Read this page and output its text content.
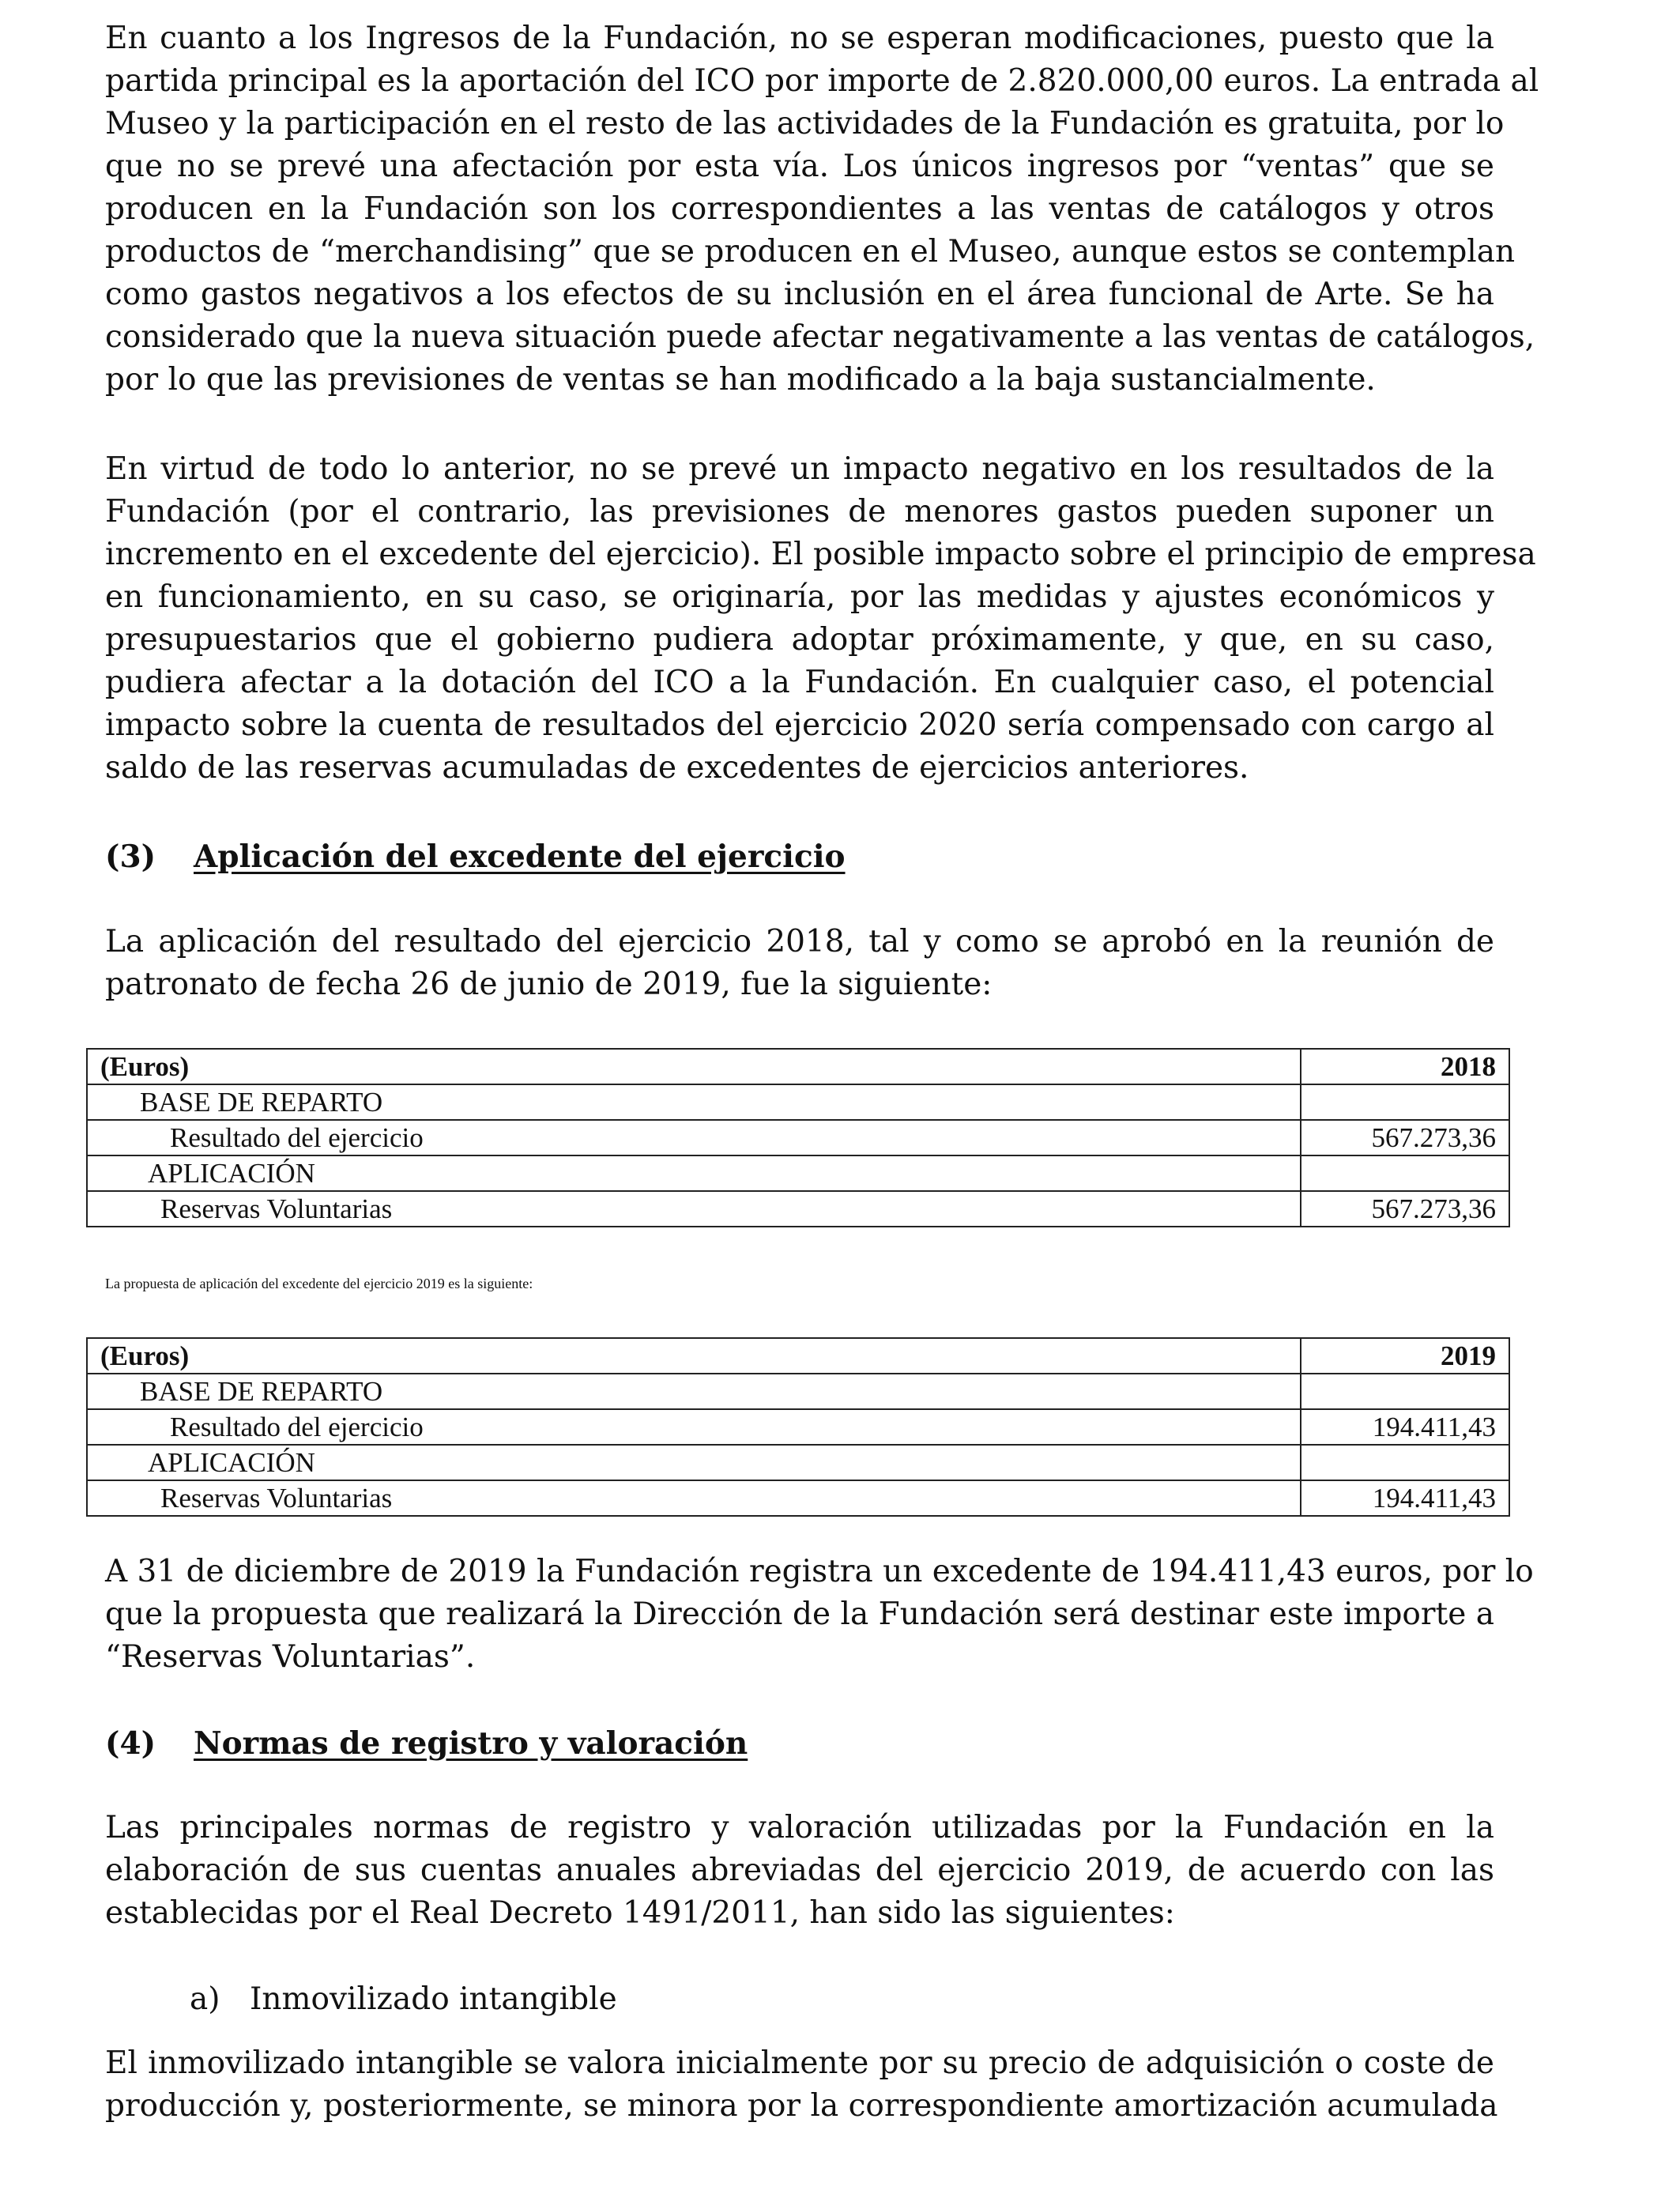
En cuanto a los Ingresos de la Fundación, no se esperan modificaciones, puesto que la
partida principal es la aportación del ICO por importe de 2.820.000,00 euros. La entrada al
Museo y la participación en el resto de las actividades de la Fundación es gratuita, por lo
que no se prevé una afectación por esta vía. Los únicos ingresos por “ventas” que se
producen en la Fundación son los correspondientes a las ventas de catálogos y otros
productos de “merchandising” que se producen en el Museo, aunque estos se contemplan
como gastos negativos a los efectos de su inclusión en el área funcional de Arte. Se ha
considerado que la nueva situación puede afectar negativamente a las ventas de catálogos,
por lo que las previsiones de ventas se han modificado a la baja sustancialmente.
En virtud de todo lo anterior, no se prevé un impacto negativo en los resultados de la
Fundación (por el contrario, las previsiones de menores gastos pueden suponer un
incremento en el excedente del ejercicio). El posible impacto sobre el principio de empresa
en funcionamiento, en su caso, se originaría, por las medidas y ajustes económicos y
presupuestarios que el gobierno pudiera adoptar próximamente, y que, en su caso,
pudiera afectar a la dotación del ICO a la Fundación. En cualquier caso, el potencial
impacto sobre la cuenta de resultados del ejercicio 2020 sería compensado con cargo al
saldo de las reservas acumuladas de excedentes de ejercicios anteriores.
(3) Aplicación del excedente del ejercicio
La aplicación del resultado del ejercicio 2018, tal y como se aprobó en la reunión de
patronato de fecha 26 de junio de 2019, fue la siguiente:
(Euros)	2018
BASE DE REPARTO	
Resultado del ejercicio	567.273,36
APLICACIÓN	
Reservas Voluntarias	567.273,36
La propuesta de aplicación del excedente del ejercicio 2019 es la siguiente:
(Euros)	2019
BASE DE REPARTO	
Resultado del ejercicio	194.411,43
APLICACIÓN	
Reservas Voluntarias	194.411,43
A 31 de diciembre de 2019 la Fundación registra un excedente de 194.411,43 euros, por lo
que la propuesta que realizará la Dirección de la Fundación será destinar este importe a
“Reservas Voluntarias”.
(4) Normas de registro y valoración
Las principales normas de registro y valoración utilizadas por la Fundación en la
elaboración de sus cuentas anuales abreviadas del ejercicio 2019, de acuerdo con las
establecidas por el Real Decreto 1491/2011, han sido las siguientes:
a) Inmovilizado intangible
El inmovilizado intangible se valora inicialmente por su precio de adquisición o coste de
producción y, posteriormente, se minora por la correspondiente amortización acumulada
